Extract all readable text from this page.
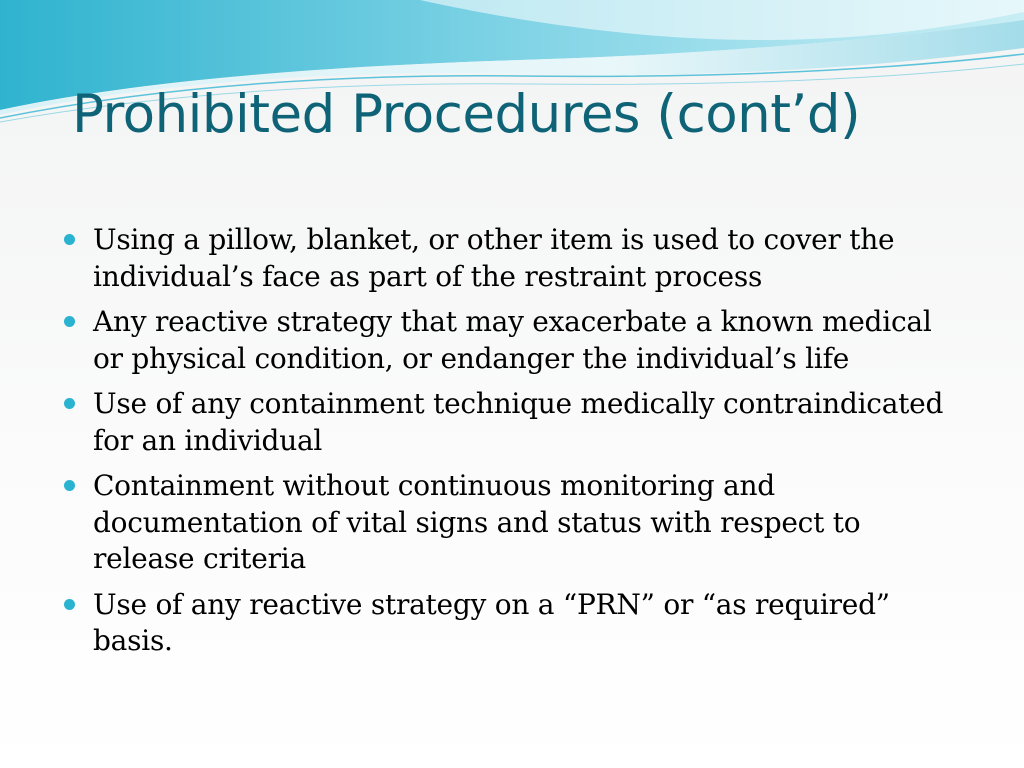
Prohibited Procedures (cont’d)
Using a pillow, blanket, or other item is used to cover the individual’s face as part of the restraint process
Any reactive strategy that may exacerbate a known medical or physical condition, or endanger the individual’s life
Use of any containment technique medically contraindicated for an individual
Containment without continuous monitoring and documentation of vital signs and status with respect to release criteria
Use of any reactive strategy on a “PRN” or “as required” basis.
